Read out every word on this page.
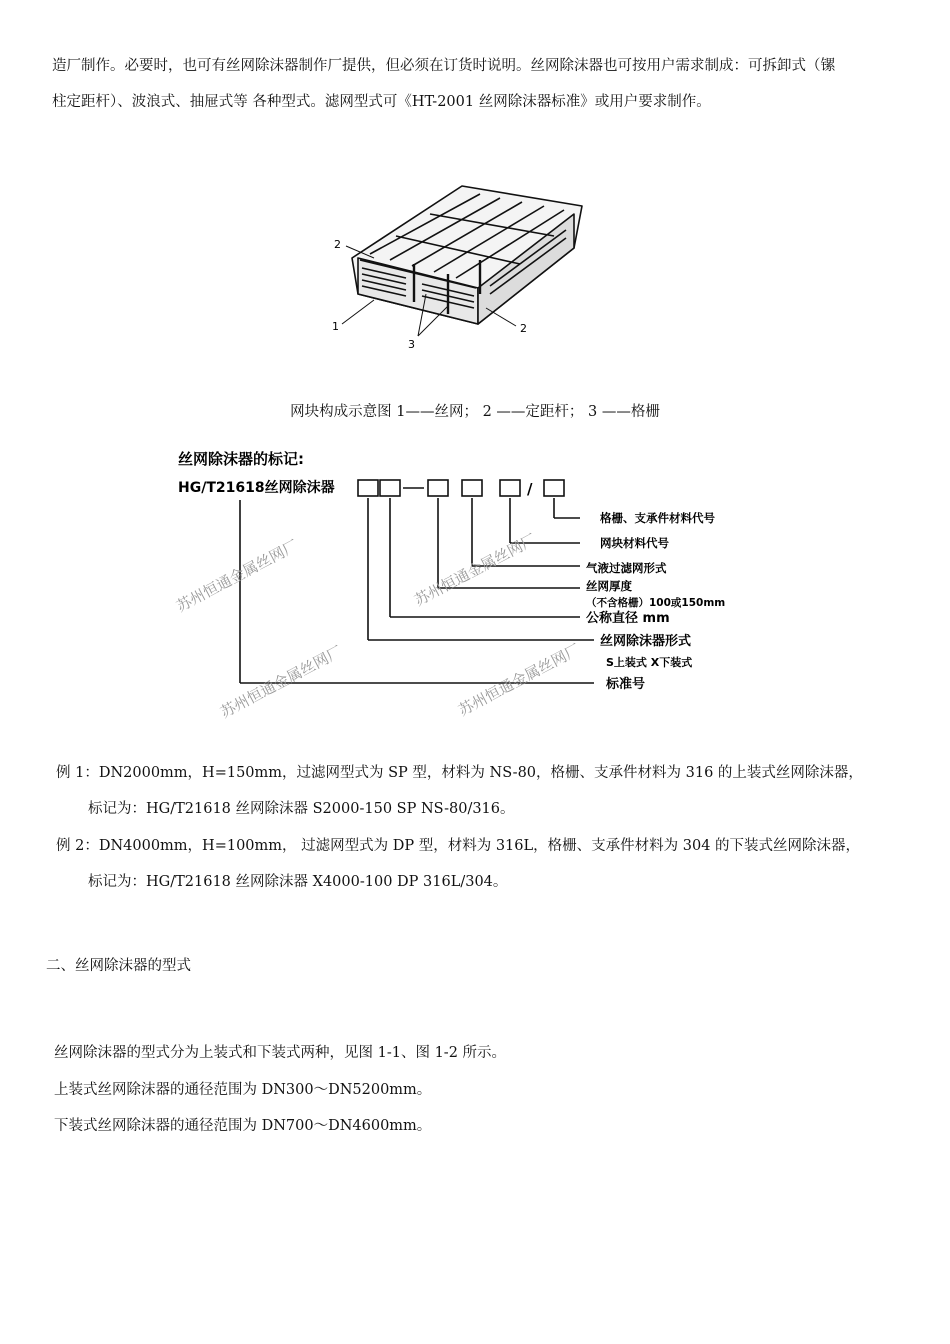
造厂制作。必要时，也可有丝网除沫器制作厂提供，但必须在订货时说明。丝网除沫器也可按用户需求制成：可拆卸式（镙
柱定距杆）、波浪式、抽屉式等 各种型式。滤网型式可《HT-2001 丝网除沫器标准》或用户要求制作。
2
1	2
3
网块构成示意图 1——丝网； 2 ——定距杆； 3 ——格栅
丝网除沫器的标记:
HG/T21618丝网除沫器	/
格栅、支承件材料代号
网块材料代号
气液过滤网形式
丝网厚度
（不含格栅）100或150mm
公称直径 mm
丝网除沫器形式
S上装式 X下装式
标准号
苏州恒通金属丝网厂	苏州恒通金属丝网厂
苏州恒通金属丝网厂	苏州恒通金属丝网厂
例 1：DN2000mm，H=150mm，过滤网型式为 SP 型，材料为 NS-80，格栅、支承件材料为 316 的上装式丝网除沫器，
标记为：HG/T21618 丝网除沫器 S2000-150 SP NS-80/316。
例 2：DN4000mm，H=100mm， 过滤网型式为 DP 型，材料为 316L，格栅、支承件材料为 304 的下装式丝网除沫器，
标记为：HG/T21618 丝网除沫器 X4000-100 DP 316L/304。
二、丝网除沫器的型式
丝网除沫器的型式分为上装式和下装式两种，见图 1-1、图 1-2 所示。
上装式丝网除沫器的通径范围为 DN300～DN5200mm。
下装式丝网除沫器的通径范围为 DN700～DN4600mm。
